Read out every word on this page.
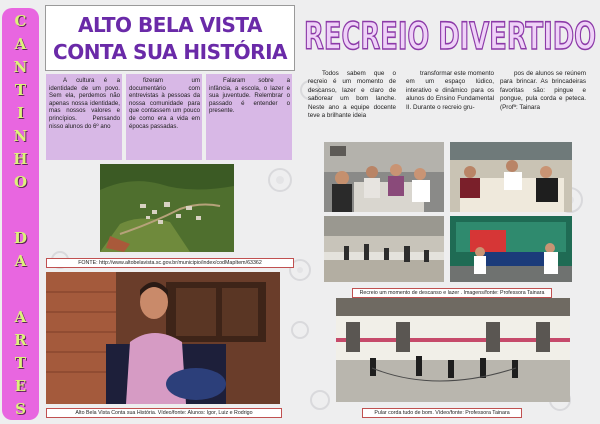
C
A
N
T
I
N
H
O
D
A
A
R
T
E
S
ALTO BELA VISTA
CONTA SUA HISTÓRIA RECREIO DIVERTIDO
A cultura é a identidade de um povo. Sem ela, perdemos não apenas nossa identidade, mas nossos valores e princípios. Pensando nisso alunos do 6º ano
fizeram um documentário com entrevistas à pessoas da nossa comunidade para que contassem um pouco de como era a vida em épocas passadas.
Falaram sobre a infância, a escola, o lazer e sua juventude. Relembrar o passado é entender o presente.
Todos sabem que o recreio é um momento de descanso, lazer e claro de saborear um bom lanche. Neste ano a equipe docente teve a brilhante ideia
transformar este momento em um espaço lúdico, interativo e dinâmico para os alunos do Ensino Fundamental II. Durante o recreio gru-
pos de alunos se reúnem para brincar. As brincadeiras favoritas são: pingue e pongue, pula corda e peteca. (Profª: Tainara
FONTE: http://www.altobelavista.sc.gov.br/municipio/index/codMapItem/63362
Alto Bela Vista Conta sua História. Vídeo/fonte: Alunos: Igor, Luiz e Rodrigo
Recreio um momento de descanso e lazer . Imagens/fonte: Professora Tainara
Pular corda tudo de bom. Vídeo/fonte: Professora Tainara
